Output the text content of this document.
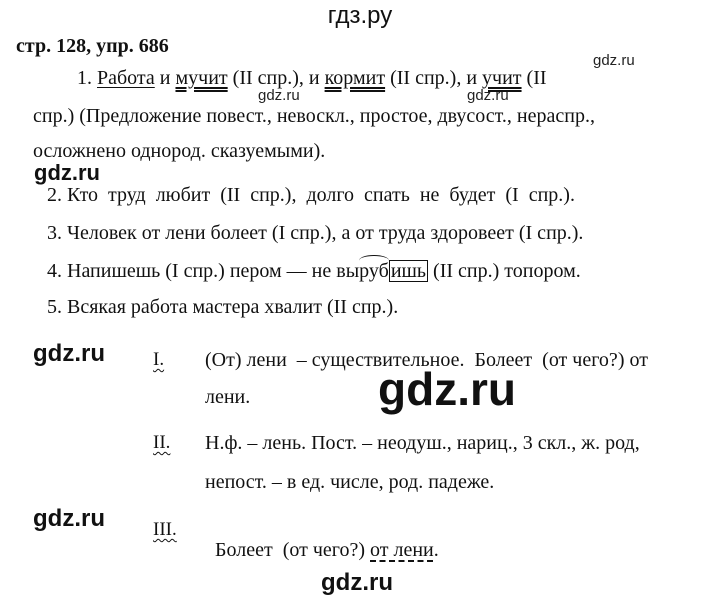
гдз.ру
стр. 128, упр. 686
gdz.ru
gdz.ru	gdz.ru
1. Работа и мучит (II спр.), и кормит (II спр.), и учит (II
спр.) (Предложение повест., невоскл., простое, двусост., нераспр.,
осложнено однород. сказуемыми).
gdz.ru
2. Кто  труд  любит  (II  спр.),  долго  спать  не  будет  (I  спр.).
3. Человек от лени болеет (I спр.), а от труда здоровеет (I спр.).
4. Напишешь (I спр.) пером — не выруб ишь (II спр.) топором.
5. Всякая работа мастера хвалит (II спр.).
gdz.ru
gdz.ru
gdz.ru
gdz.ru
I. (От) лени  – существительное.  Болеет  (от чего?) от
лени.
II. Н.ф. – лень. Пост. – неодуш., нариц., 3 скл., ж. род,
непост. – в ед. числе, род. падеже.
III.

Болеет  (от чего?) от лени.
